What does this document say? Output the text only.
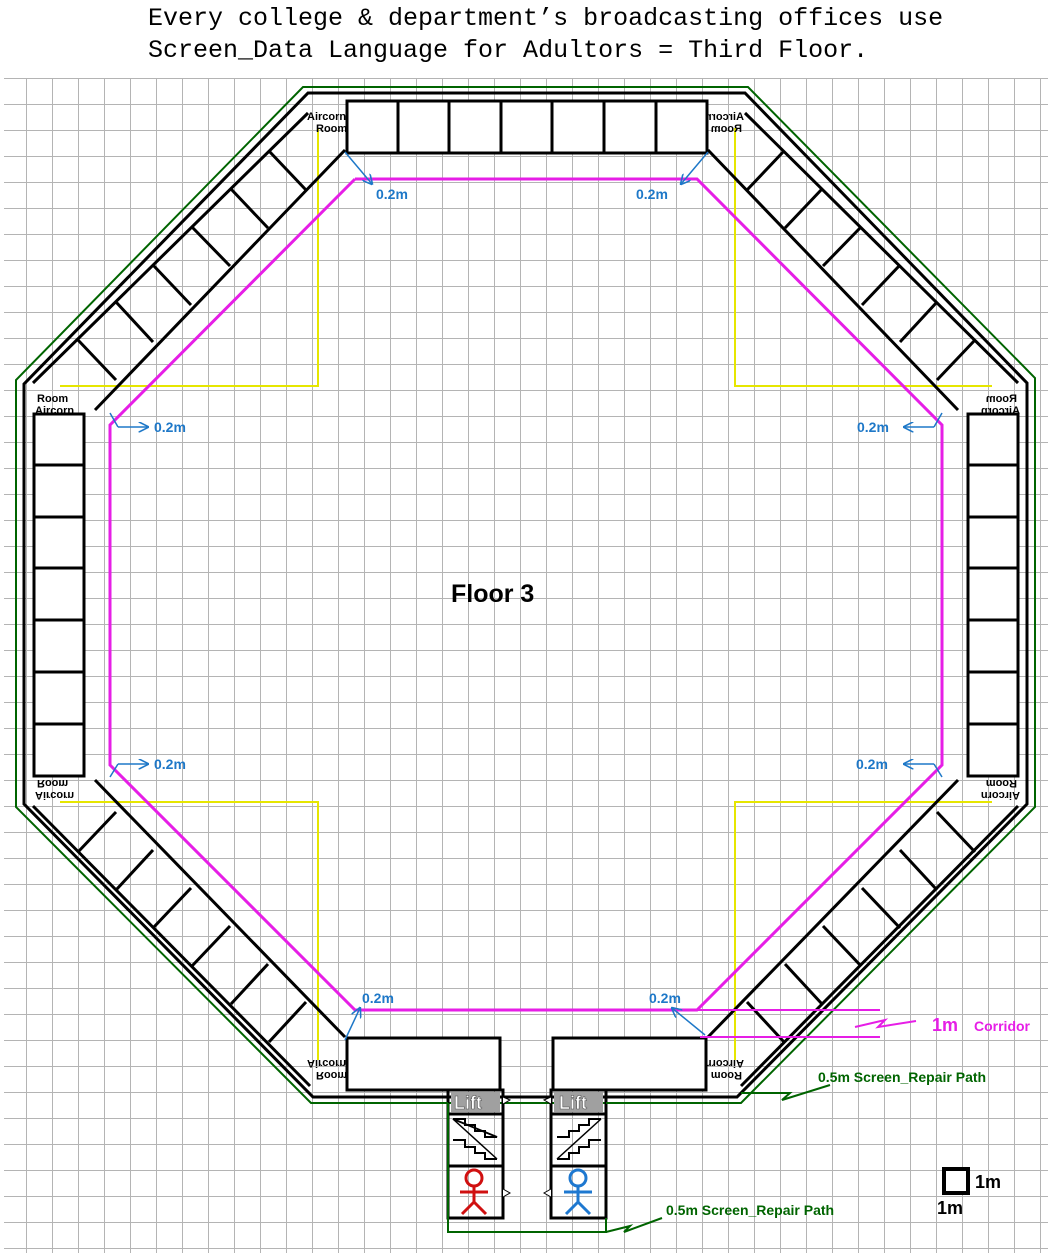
Every college & department’s broadcasting offices use
Screen_Data Language for Adultors = Third Floor.
Aircorn
Room
Aircorn
Room
Room
Aircorn
Room
Aircorn
Aircorn
Room
Aircorn
Room
Room
Aircorn
Room
Aircorn
0.2m	0.2m
0.2m	0.2m
0.2m	0.2m
0.2m	0.2m
Floor 3
1m Corridor
Lift	Lift
0.5m Screen_Repair Path
0.5m Screen_Repair Path
1m
1m
